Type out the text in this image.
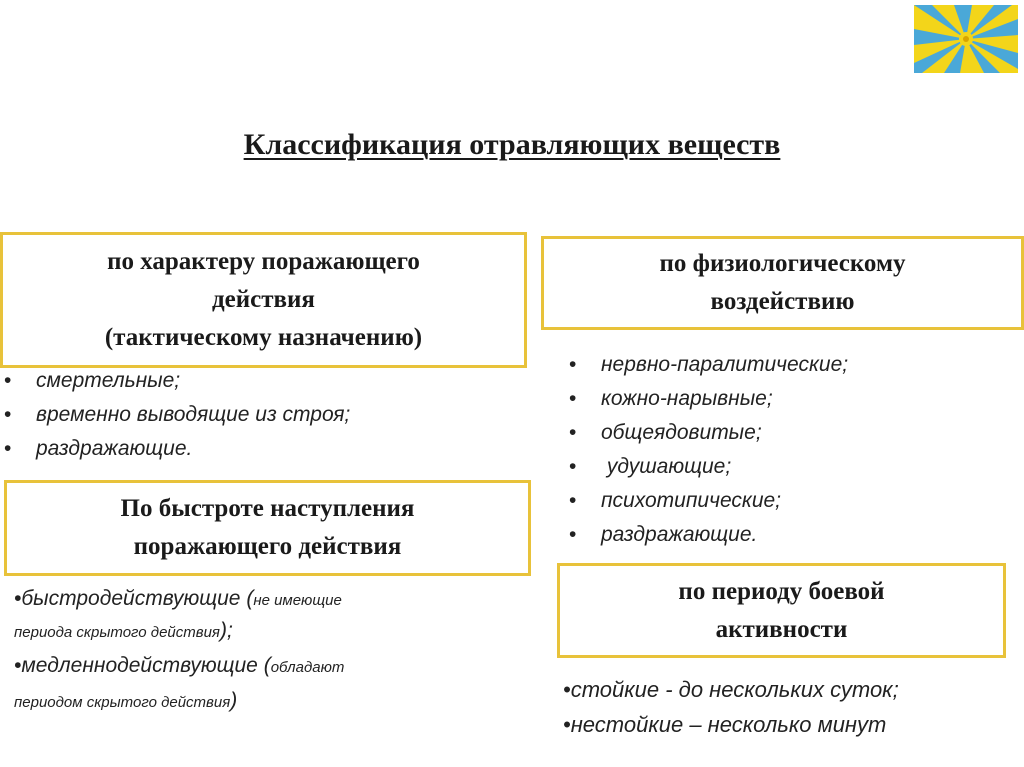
Классификация отравляющих веществ
по характеру поражающего
действия
(тактическому назначению)
• смертельные;
• временно выводящие из строя;
• раздражающие.
По быстроте наступления
поражающего действия
•быстродействующие (не имеющие
периода скрытого действия);
•медленнодействующие (обладают
периодом скрытого действия)
по физиологическому
воздействию
• нервно-паралитические;
• кожно-нарывные;
• общеядовитые;
•  удушающие;
• психотипические;
• раздражающие.
по периоду боевой
активности
•стойкие - до нескольких суток;
•нестойкие – несколько минут
